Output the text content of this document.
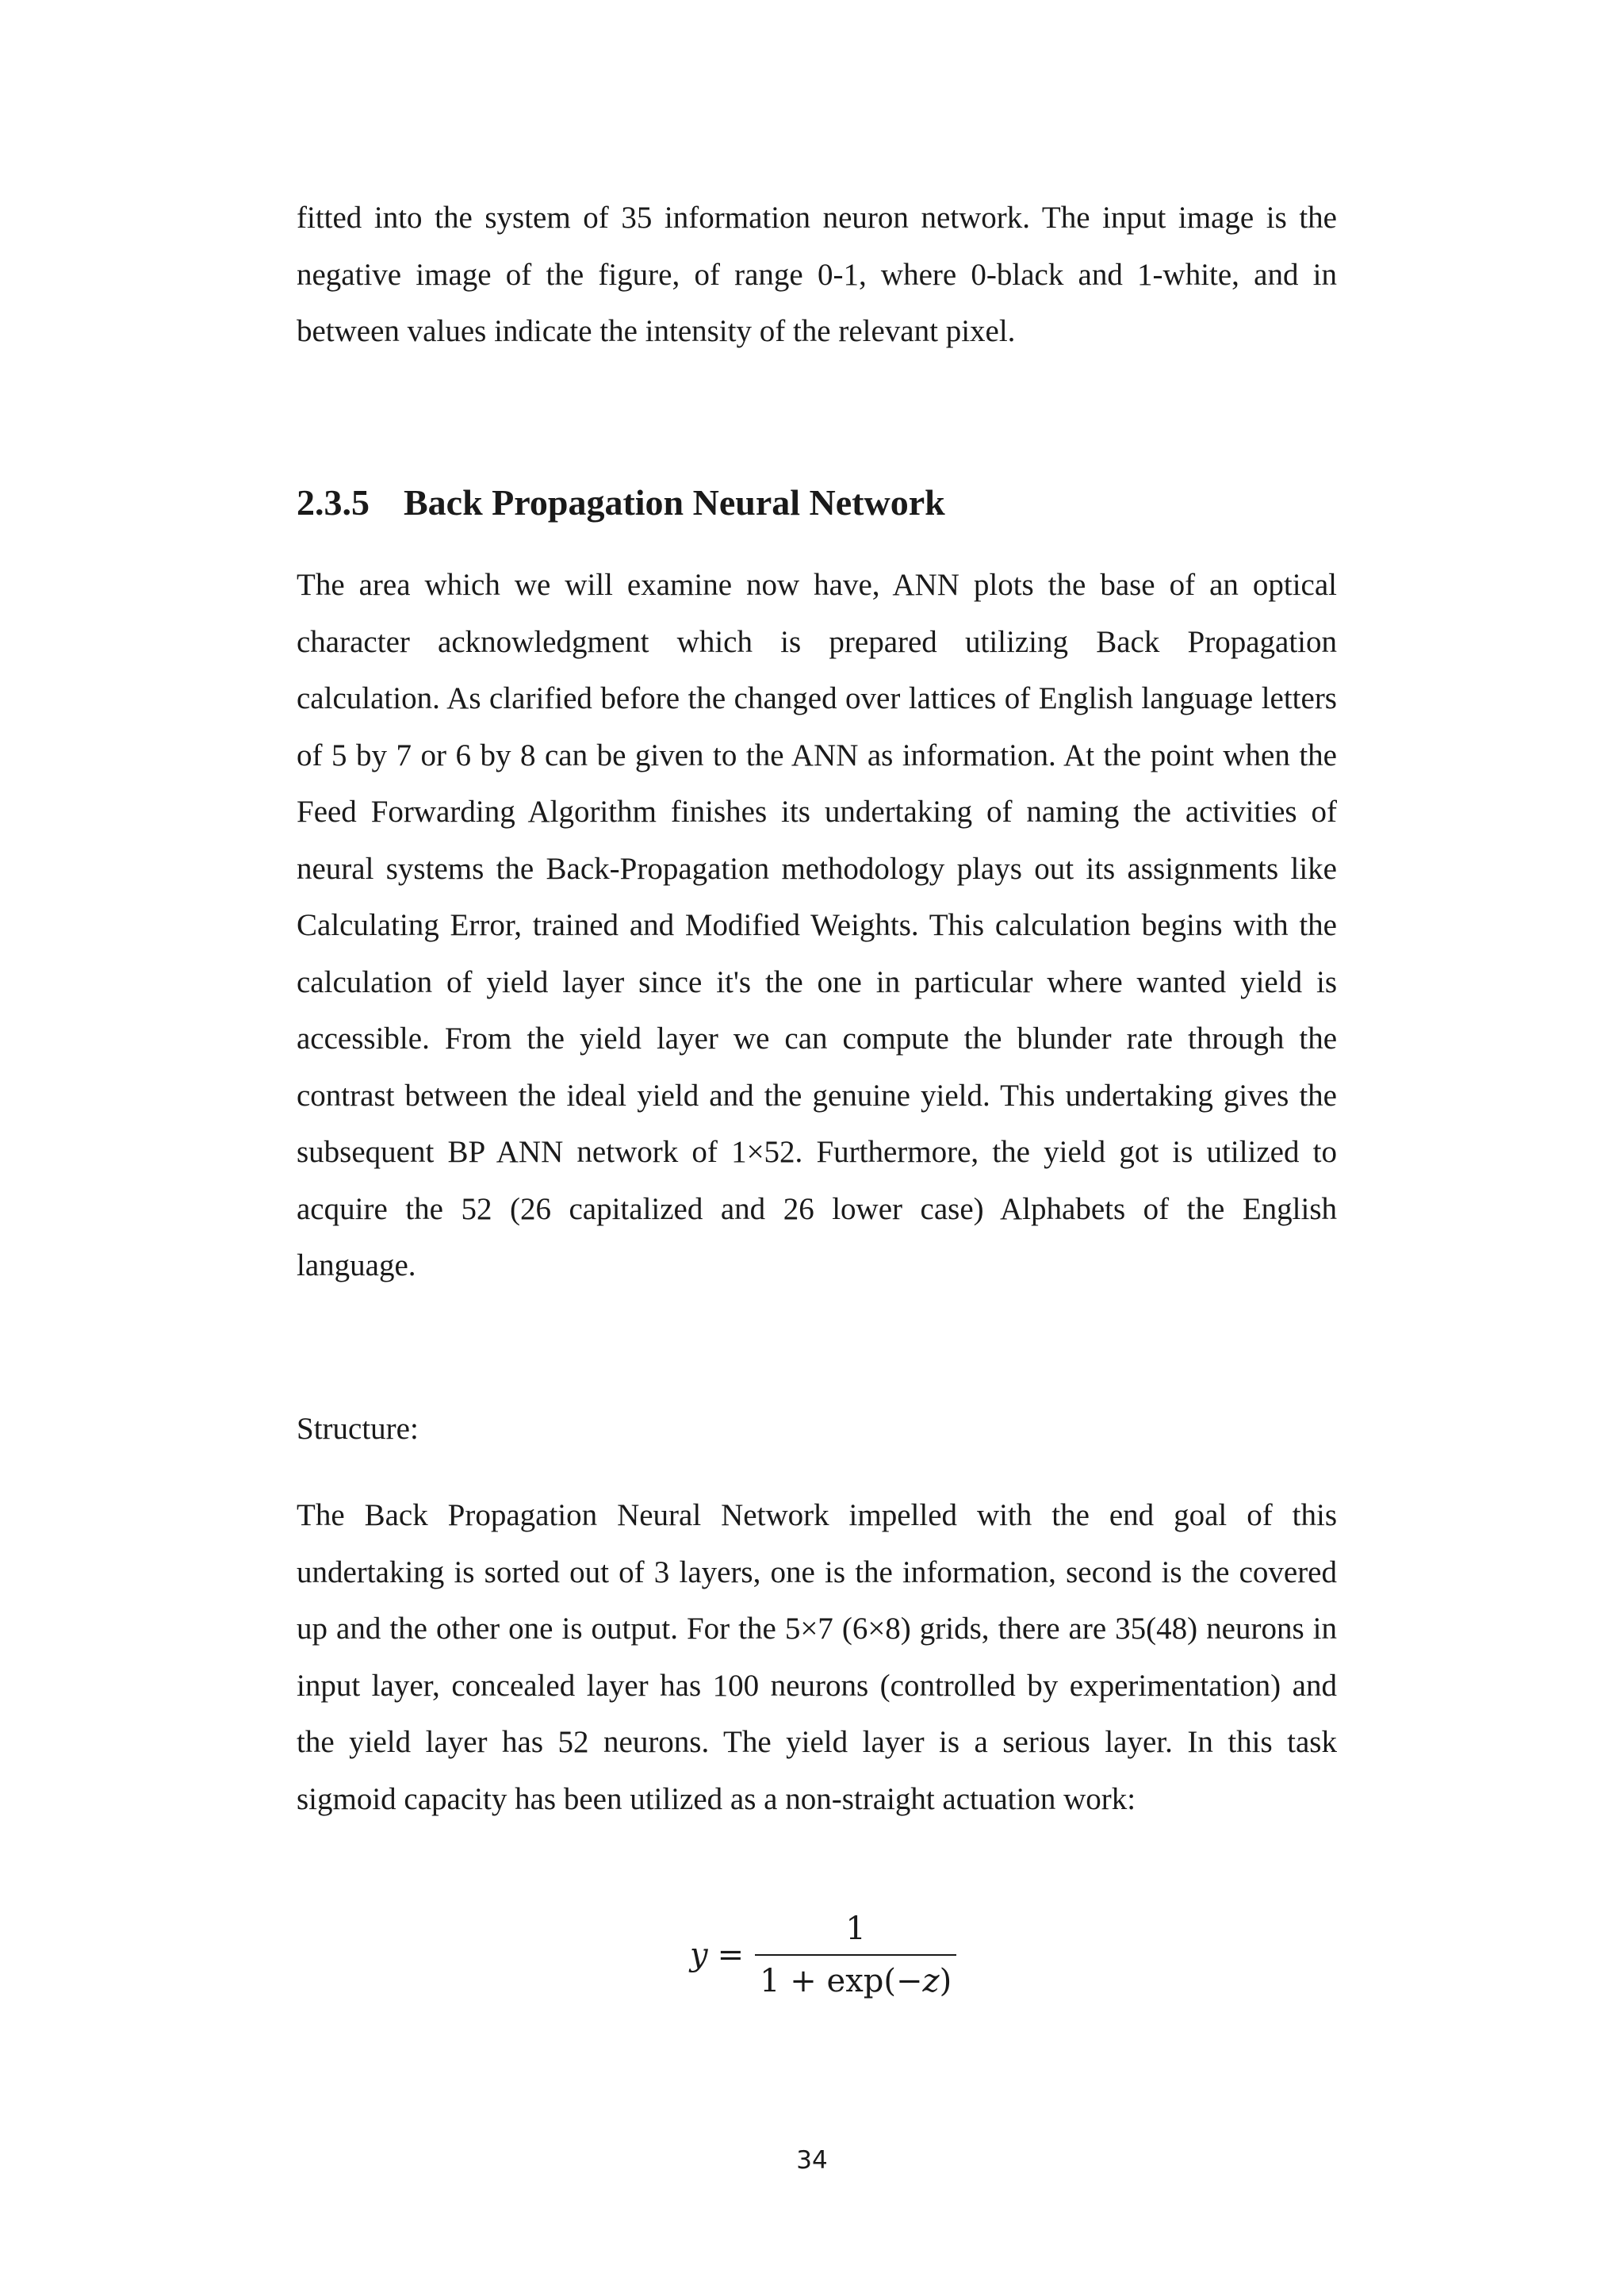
fitted into the system of 35 information neuron network. The input image is the negative image of the figure, of range 0-1, where 0-black and 1-white, and in between values indicate the intensity of the relevant pixel.

2.3.5 Back Propagation Neural Network

The area which we will examine now have, ANN plots the base of an optical character acknowledgment which is prepared utilizing Back Propagation calculation. As clarified before the changed over lattices of English language letters of 5 by 7 or 6 by 8 can be given to the ANN as information. At the point when the Feed Forwarding Algorithm finishes its undertaking of naming the activities of neural systems the Back-Propagation methodology plays out its assignments like Calculating Error, trained and Modified Weights. This calculation begins with the calculation of yield layer since it's the one in particular where wanted yield is accessible. From the yield layer we can compute the blunder rate through the contrast between the ideal yield and the genuine yield. This undertaking gives the subsequent BP ANN network of 1×52. Furthermore, the yield got is utilized to acquire the 52 (26 capitalized and 26 lower case) Alphabets of the English language.

Structure:

The Back Propagation Neural Network impelled with the end goal of this undertaking is sorted out of 3 layers, one is the information, second is the covered up and the other one is output. For the 5×7 (6×8) grids, there are 35(48) neurons in input layer, concealed layer has 100 neurons (controlled by experimentation) and the yield layer has 52 neurons. The yield layer is a serious layer. In this task sigmoid capacity has been utilized as a non-straight actuation work:

$y = \frac{1}{1 + \exp(-z)}$
34
